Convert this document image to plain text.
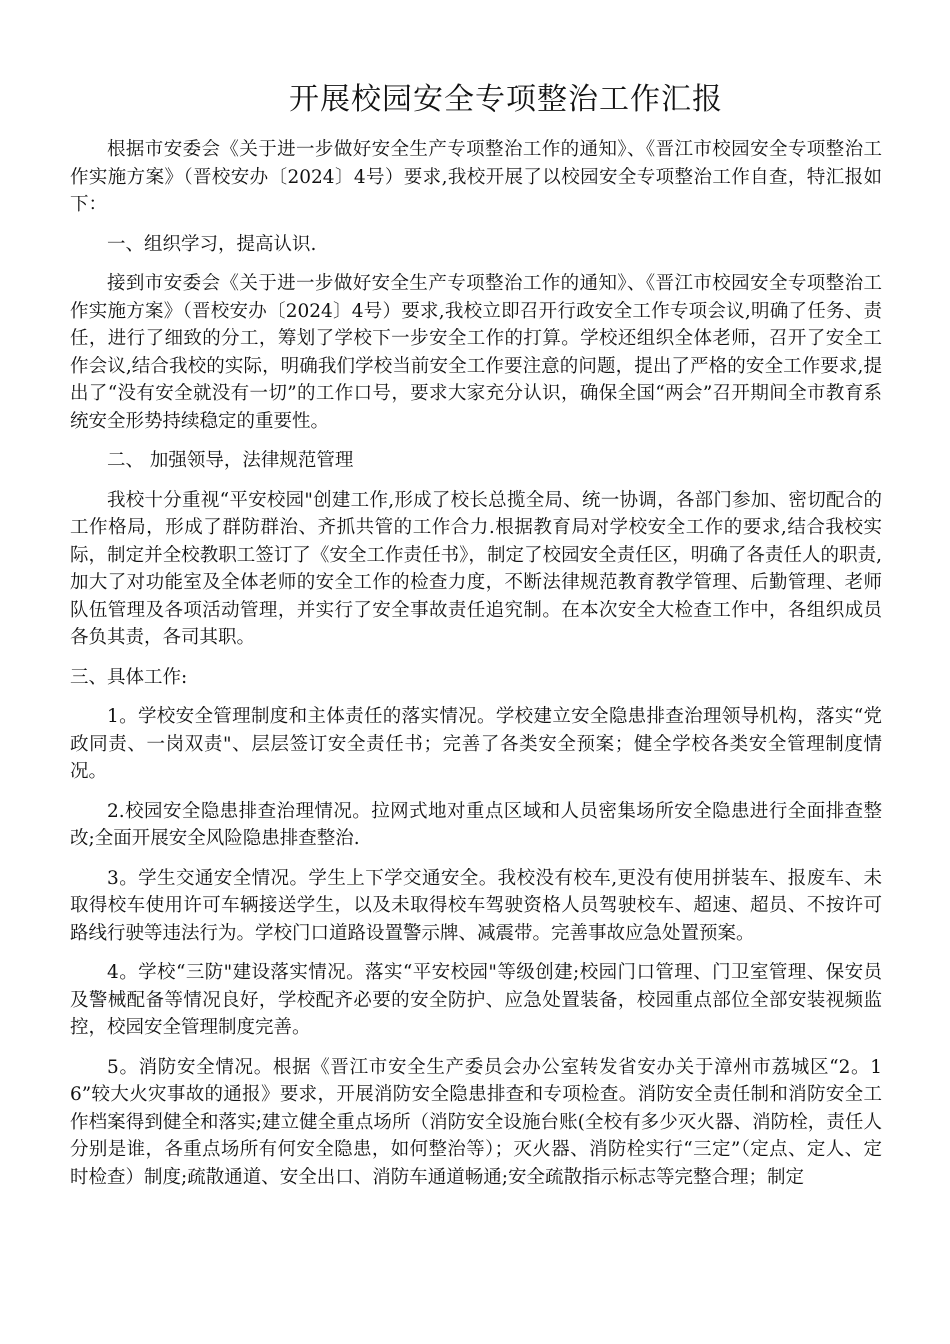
开展校园安全专项整治工作汇报

根据市安委会《关于进一步做好安全生产专项整治工作的通知》、《晋江市校园安全专项整治工作实施方案》（晋校安办〔2024〕4号）要求,我校开展了以校园安全专项整治工作自查，特汇报如下：

一、组织学习，提高认识.

接到市安委会《关于进一步做好安全生产专项整治工作的通知》、《晋江市校园安全专项整治工作实施方案》（晋校安办〔2024〕4号）要求,我校立即召开行政安全工作专项会议,明确了任务、责任，进行了细致的分工，筹划了学校下一步安全工作的打算。学校还组织全体老师，召开了安全工作会议,结合我校的实际，明确我们学校当前安全工作要注意的问题，提出了严格的安全工作要求,提出了“没有安全就没有一切”的工作口号，要求大家充分认识，确保全国“两会”召开期间全市教育系统安全形势持续稳定的重要性。

二、 加强领导，法律规范管理

我校十分重视“平安校园"创建工作,形成了校长总揽全局、统一协调，各部门参加、密切配合的工作格局，形成了群防群治、齐抓共管的工作合力.根据教育局对学校安全工作的要求,结合我校实际，制定并全校教职工签订了《安全工作责任书》，制定了校园安全责任区，明确了各责任人的职责,加大了对功能室及全体老师的安全工作的检查力度，不断法律规范教育教学管理、后勤管理、老师队伍管理及各项活动管理，并实行了安全事故责任追究制。在本次安全大检查工作中，各组织成员各负其责，各司其职。

三、具体工作:

1。学校安全管理制度和主体责任的落实情况。学校建立安全隐患排查治理领导机构，落实“党政同责、一岗双责"、层层签订安全责任书；完善了各类安全预案；健全学校各类安全管理制度情况。

2.校园安全隐患排查治理情况。拉网式地对重点区域和人员密集场所安全隐患进行全面排查整改;全面开展安全风险隐患排查整治.

3。学生交通安全情况。学生上下学交通安全。我校没有校车,更没有使用拼装车、报废车、未取得校车使用许可车辆接送学生，以及未取得校车驾驶资格人员驾驶校车、超速、超员、不按许可路线行驶等违法行为。学校门口道路设置警示牌、减震带。完善事故应急处置预案。

4。学校“三防"建设落实情况。落实“平安校园"等级创建;校园门口管理、门卫室管理、保安员及警械配备等情况良好，学校配齐必要的安全防护、应急处置装备，校园重点部位全部安装视频监控，校园安全管理制度完善。

5。消防安全情况。根据《晋江市安全生产委员会办公室转发省安办关于漳州市荔城区“2。16”较大火灾事故的通报》要求，开展消防安全隐患排查和专项检查。消防安全责任制和消防安全工作档案得到健全和落实;建立健全重点场所（消防安全设施台账(全校有多少灭火器、消防栓，责任人分别是谁，各重点场所有何安全隐患，如何整治等）；灭火器、消防栓实行“三定”（定点、定人、定时检查）制度;疏散通道、安全出口、消防车通道畅通;安全疏散指示标志等完整合理；制定
